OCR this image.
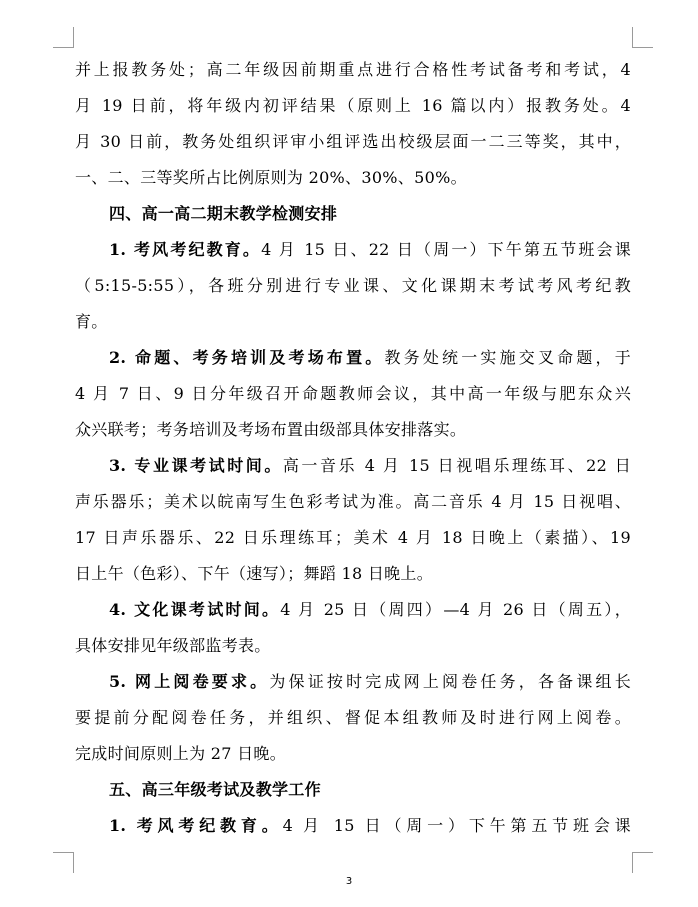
并上报教务处；高二年级因前期重点进行合格性考试备考和考试，4
月 19 日前，将年级内初评结果（原则上 16 篇以内）报教务处。4
月 30 日前，教务处组织评审小组评选出校级层面一二三等奖，其中，
一、二、三等奖所占比例原则为 20%、30%、50%。
四、高一高二期末教学检测安排
1. 考风考纪教育。4 月 15 日、22 日（周一）下午第五节班会课
（5:15-5:55），各班分别进行专业课、文化课期末考试考风考纪教
育。
2. 命题、考务培训及考场布置。教务处统一实施交叉命题，于
4 月 7 日、9 日分年级召开命题教师会议，其中高一年级与肥东众兴
众兴联考；考务培训及考场布置由级部具体安排落实。
3. 专业课考试时间。高一音乐 4 月 15 日视唱乐理练耳、22 日
声乐器乐；美术以皖南写生色彩考试为准。高二音乐 4 月 15 日视唱、
17 日声乐器乐、22 日乐理练耳；美术 4 月 18 日晚上（素描）、19
日上午（色彩）、下午（速写）；舞蹈 18 日晚上。
4. 文化课考试时间。4 月 25 日（周四）—4 月 26 日（周五），
具体安排见年级部监考表。
5. 网上阅卷要求。为保证按时完成网上阅卷任务，各备课组长
要提前分配阅卷任务，并组织、督促本组教师及时进行网上阅卷。
完成时间原则上为 27 日晚。
五、高三年级考试及教学工作
1. 考风考纪教育。4 月 15 日（周一）下午第五节班会课
3
